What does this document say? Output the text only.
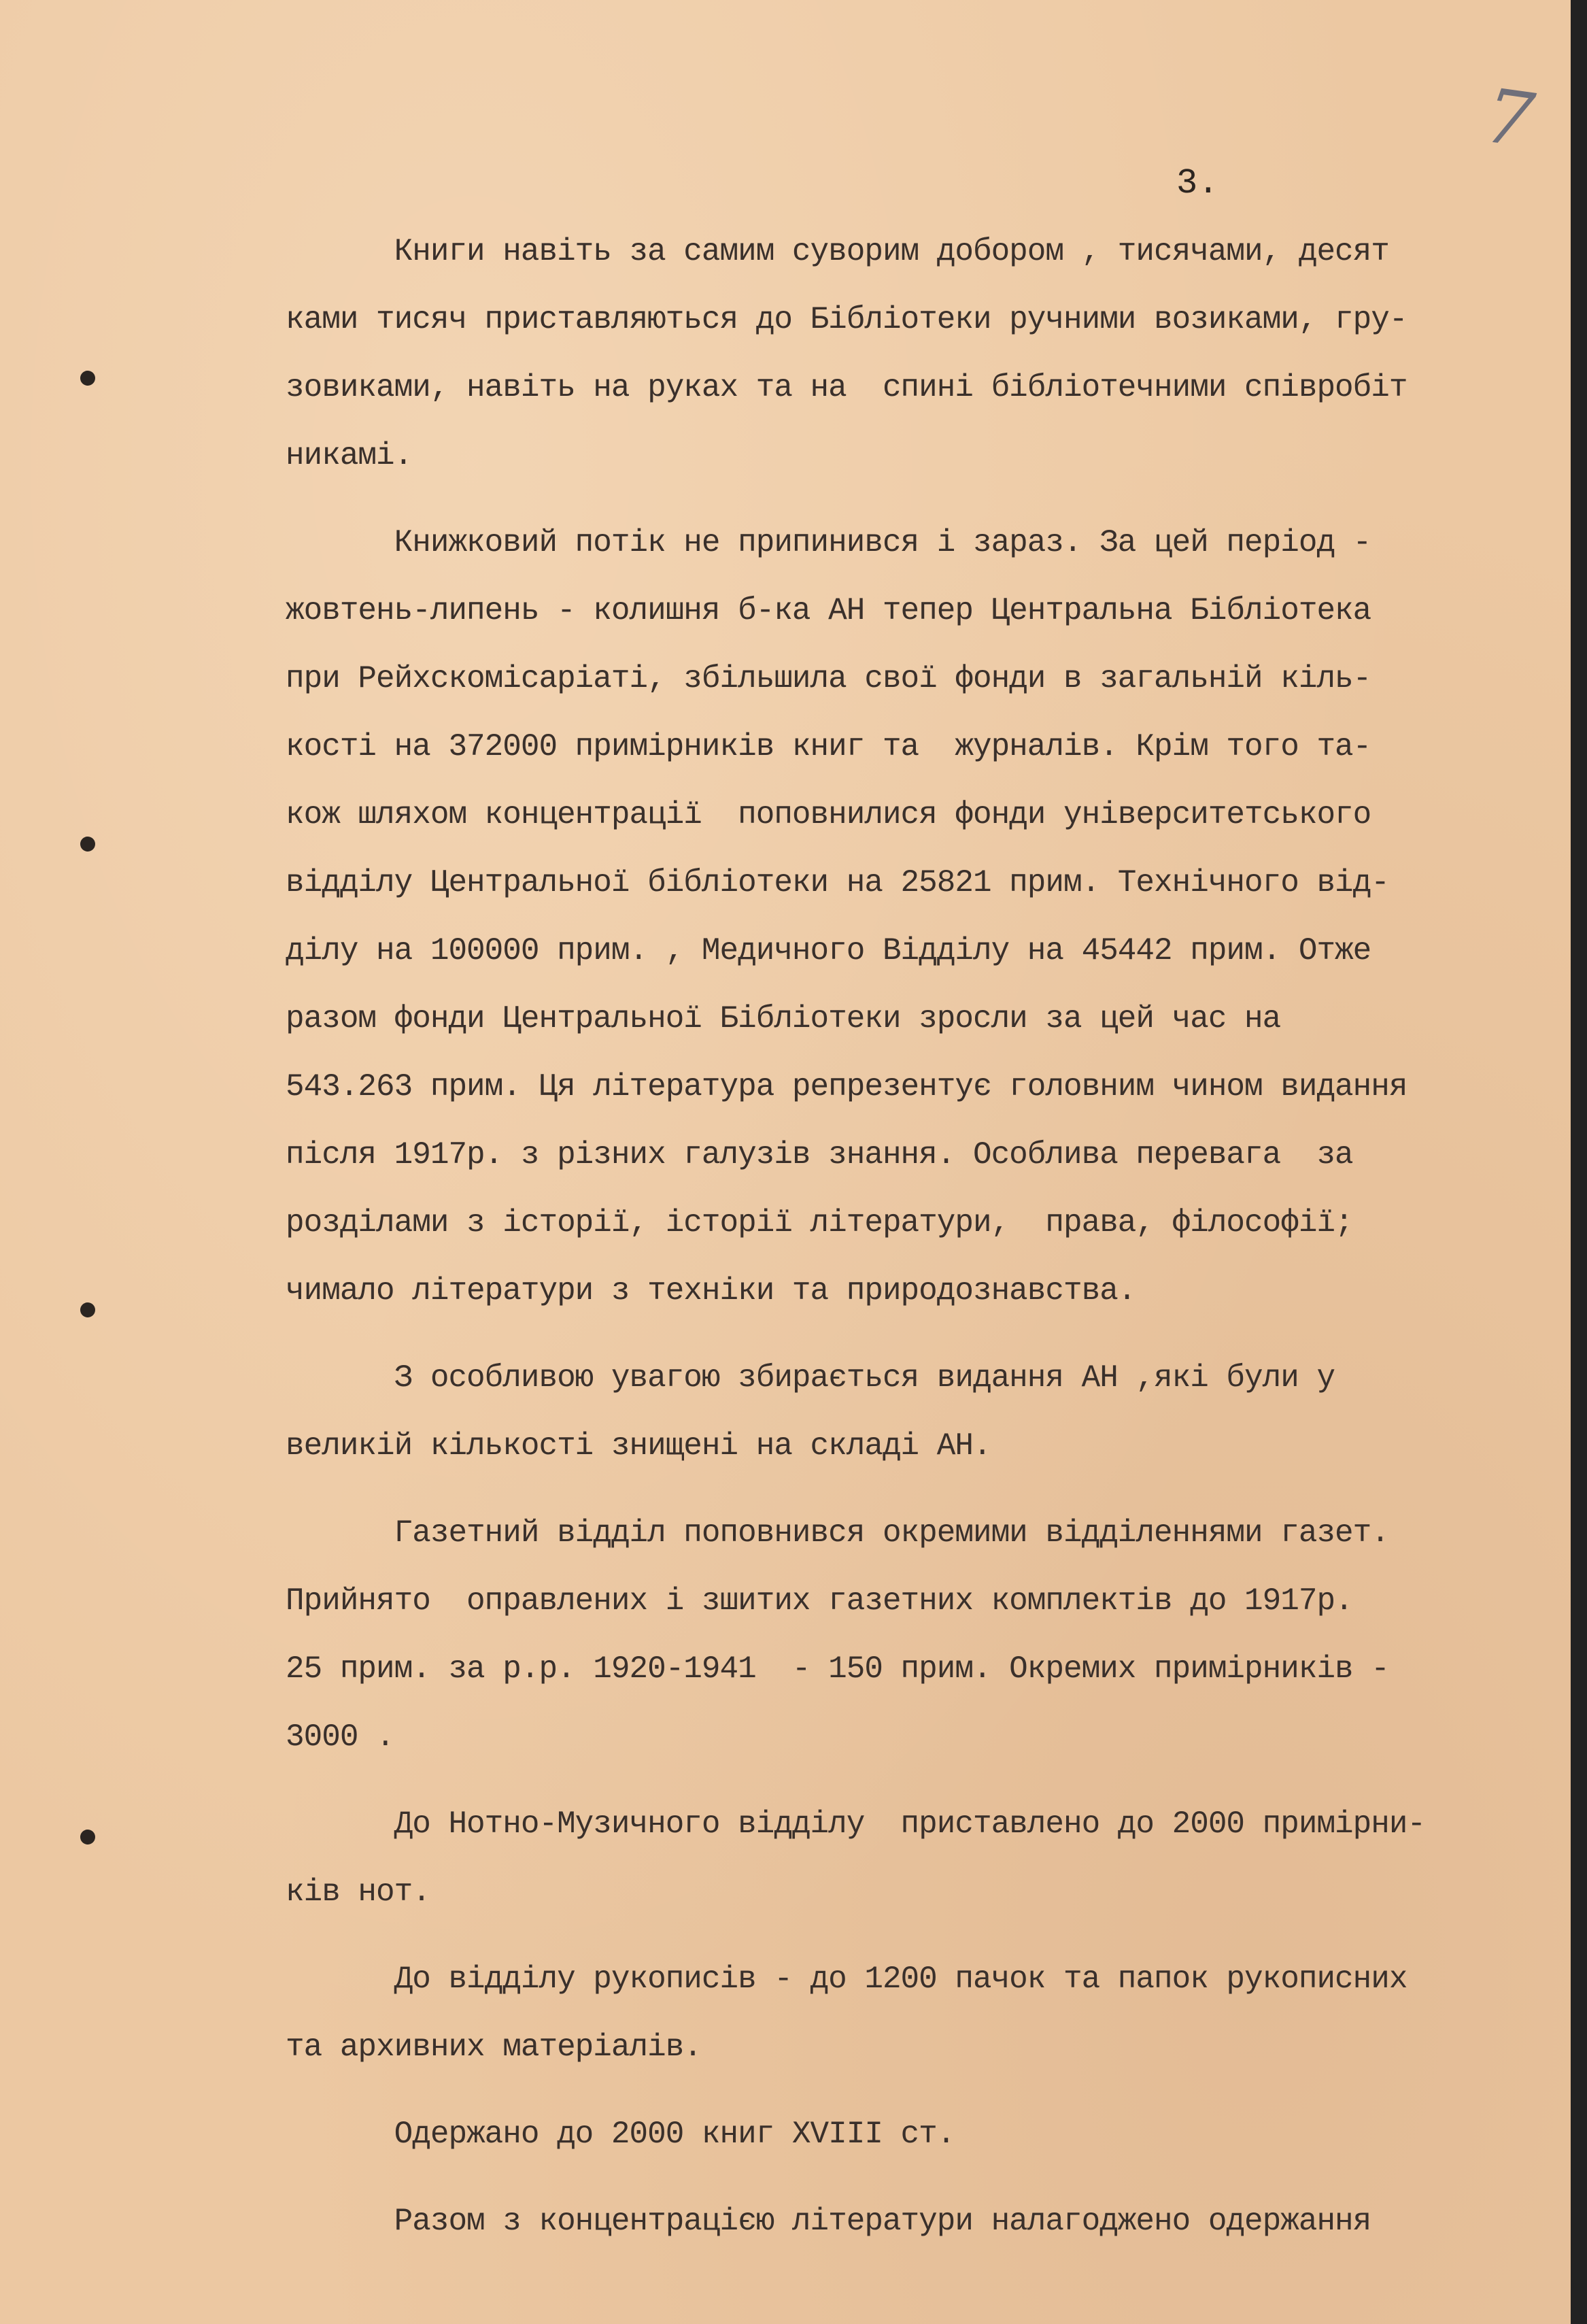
7
3.
Книги навіть за самим суворим добором , тисячами, десят
ками тисяч приставляються до Бібліотеки ручними возиками, гру-
зовиками, навіть на руках та на  спині бібліотечними співробіт
никамі.
Книжковий потік не припинився і зараз. За цей період -
жовтень-липень - колишня б-ка АН тепер Центральна Бібліотека
при Рейхскомісаріаті, збільшила свої фонди в загальній кіль-
кості на 372000 примірників книг та  журналів. Крім того та-
кож шляхом концентрації  поповнилися фонди університетського
відділу Центральної бібліотеки на 25821 прим. Технічного від-
ділу на 100000 прим. , Медичного Відділу на 45442 прим. Отже
разом фонди Центральної Бібліотеки зросли за цей час на
543.263 прим. Ця література репрезентує головним чином видання
після 1917р. з різних галузів знання. Особлива перевага  за
розділами з історії, історії літератури,  права, філософії;
чимало літератури з техніки та природознавства.
З особливою увагою збирається видання АН ,які були у
великій кількості знищені на складі АН.
Газетний відділ поповнився окремими відділеннями газет.
Прийнято  оправлених і зшитих газетних комплектів до 1917р.
25 прим. за р.р. 1920-1941  - 150 прим. Окремих примірників -
3000 .
До Нотно-Музичного відділу  приставлено до 2000 примірни-
ків нот.
До відділу рукописів - до 1200 пачок та папок рукописних
та архивних матеріалів.
Одержано до 2000 книг XVIII ст.
Разом з концентрацією літератури налагоджено одержання
